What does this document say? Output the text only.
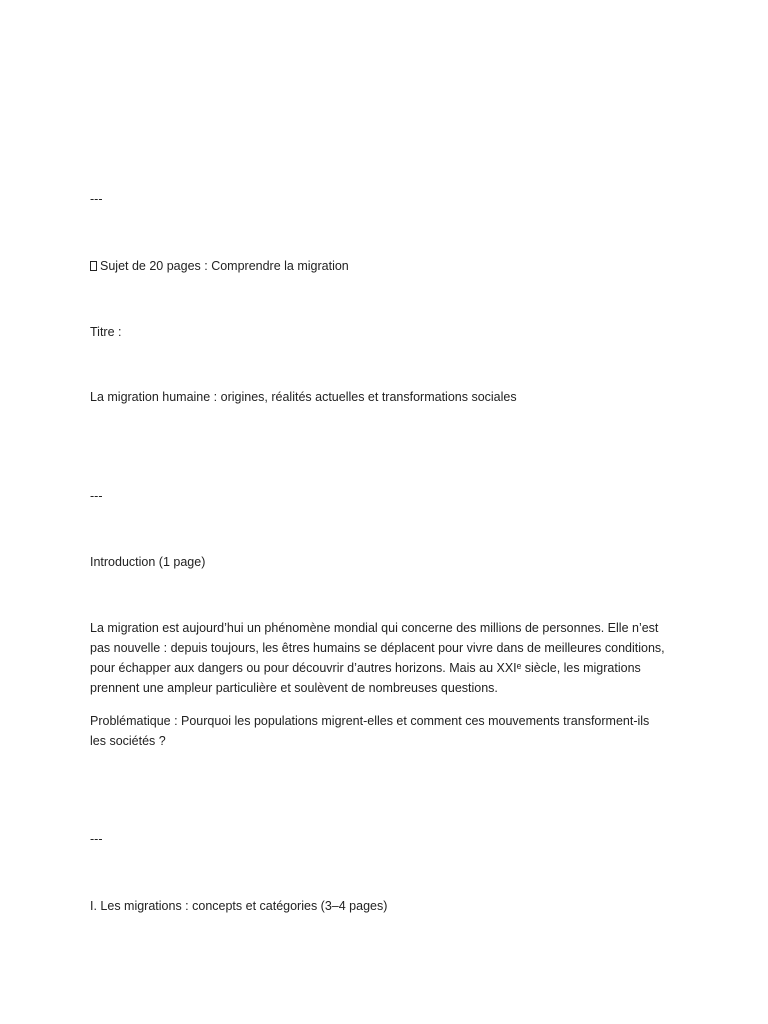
---

Sujet de 20 pages : Comprendre la migration

Titre :

La migration humaine : origines, réalités actuelles et transformations sociales

---

Introduction (1 page)

La migration est aujourd’hui un phénomène mondial qui concerne des millions de personnes. Elle n’est
pas nouvelle : depuis toujours, les êtres humains se déplacent pour vivre dans de meilleures conditions,
pour échapper aux dangers ou pour découvrir d’autres horizons. Mais au XXIᵉ siècle, les migrations
prennent une ampleur particulière et soulèvent de nombreuses questions.
Problématique : Pourquoi les populations migrent-elles et comment ces mouvements transforment-ils
les sociétés ?

---

I. Les migrations : concepts et catégories (3–4 pages)
